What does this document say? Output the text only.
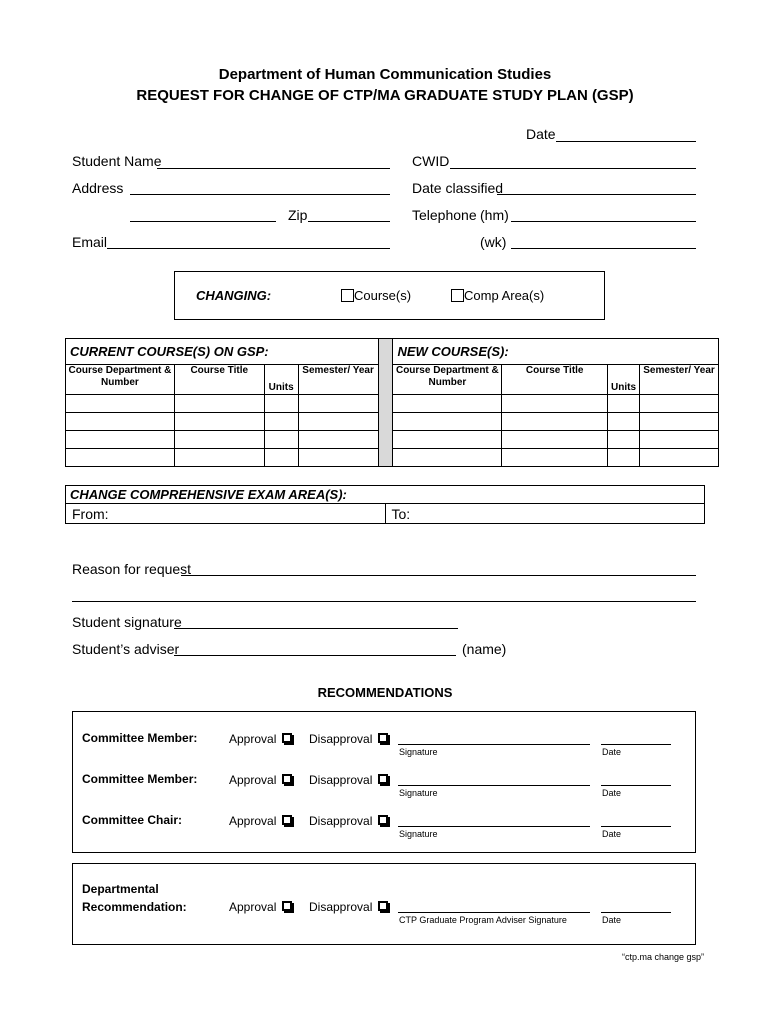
Department of Human Communication Studies
REQUEST FOR CHANGE OF CTP/MA GRADUATE STUDY PLAN (GSP)
Date
Student Name	CWID
Address	Date classified
Zip	Telephone (hm)
Email	(wk)
CHANGING:	Course(s)	Comp Area(s)
CURRENT COURSE(S) ON GSP:					NEW COURSE(S):			
Course Department & Number	Course Title	Units	Semester/ Year		Course Department & Number	Course Title	Units	Semester/ Year

CHANGE COMPREHENSIVE EXAM AREA(S):
From:	To:
Reason for request
Student signature
Student’s adviser	(name)
RECOMMENDATIONS
Committee Member:	Approval	Disapproval
Signature	Date
Committee Member:	Approval	Disapproval
Signature	Date
Committee Chair:	Approval	Disapproval
Signature	Date
Departmental
Recommendation:	Approval	Disapproval
CTP Graduate Program Adviser Signature	Date
“ctp.ma change gsp”
